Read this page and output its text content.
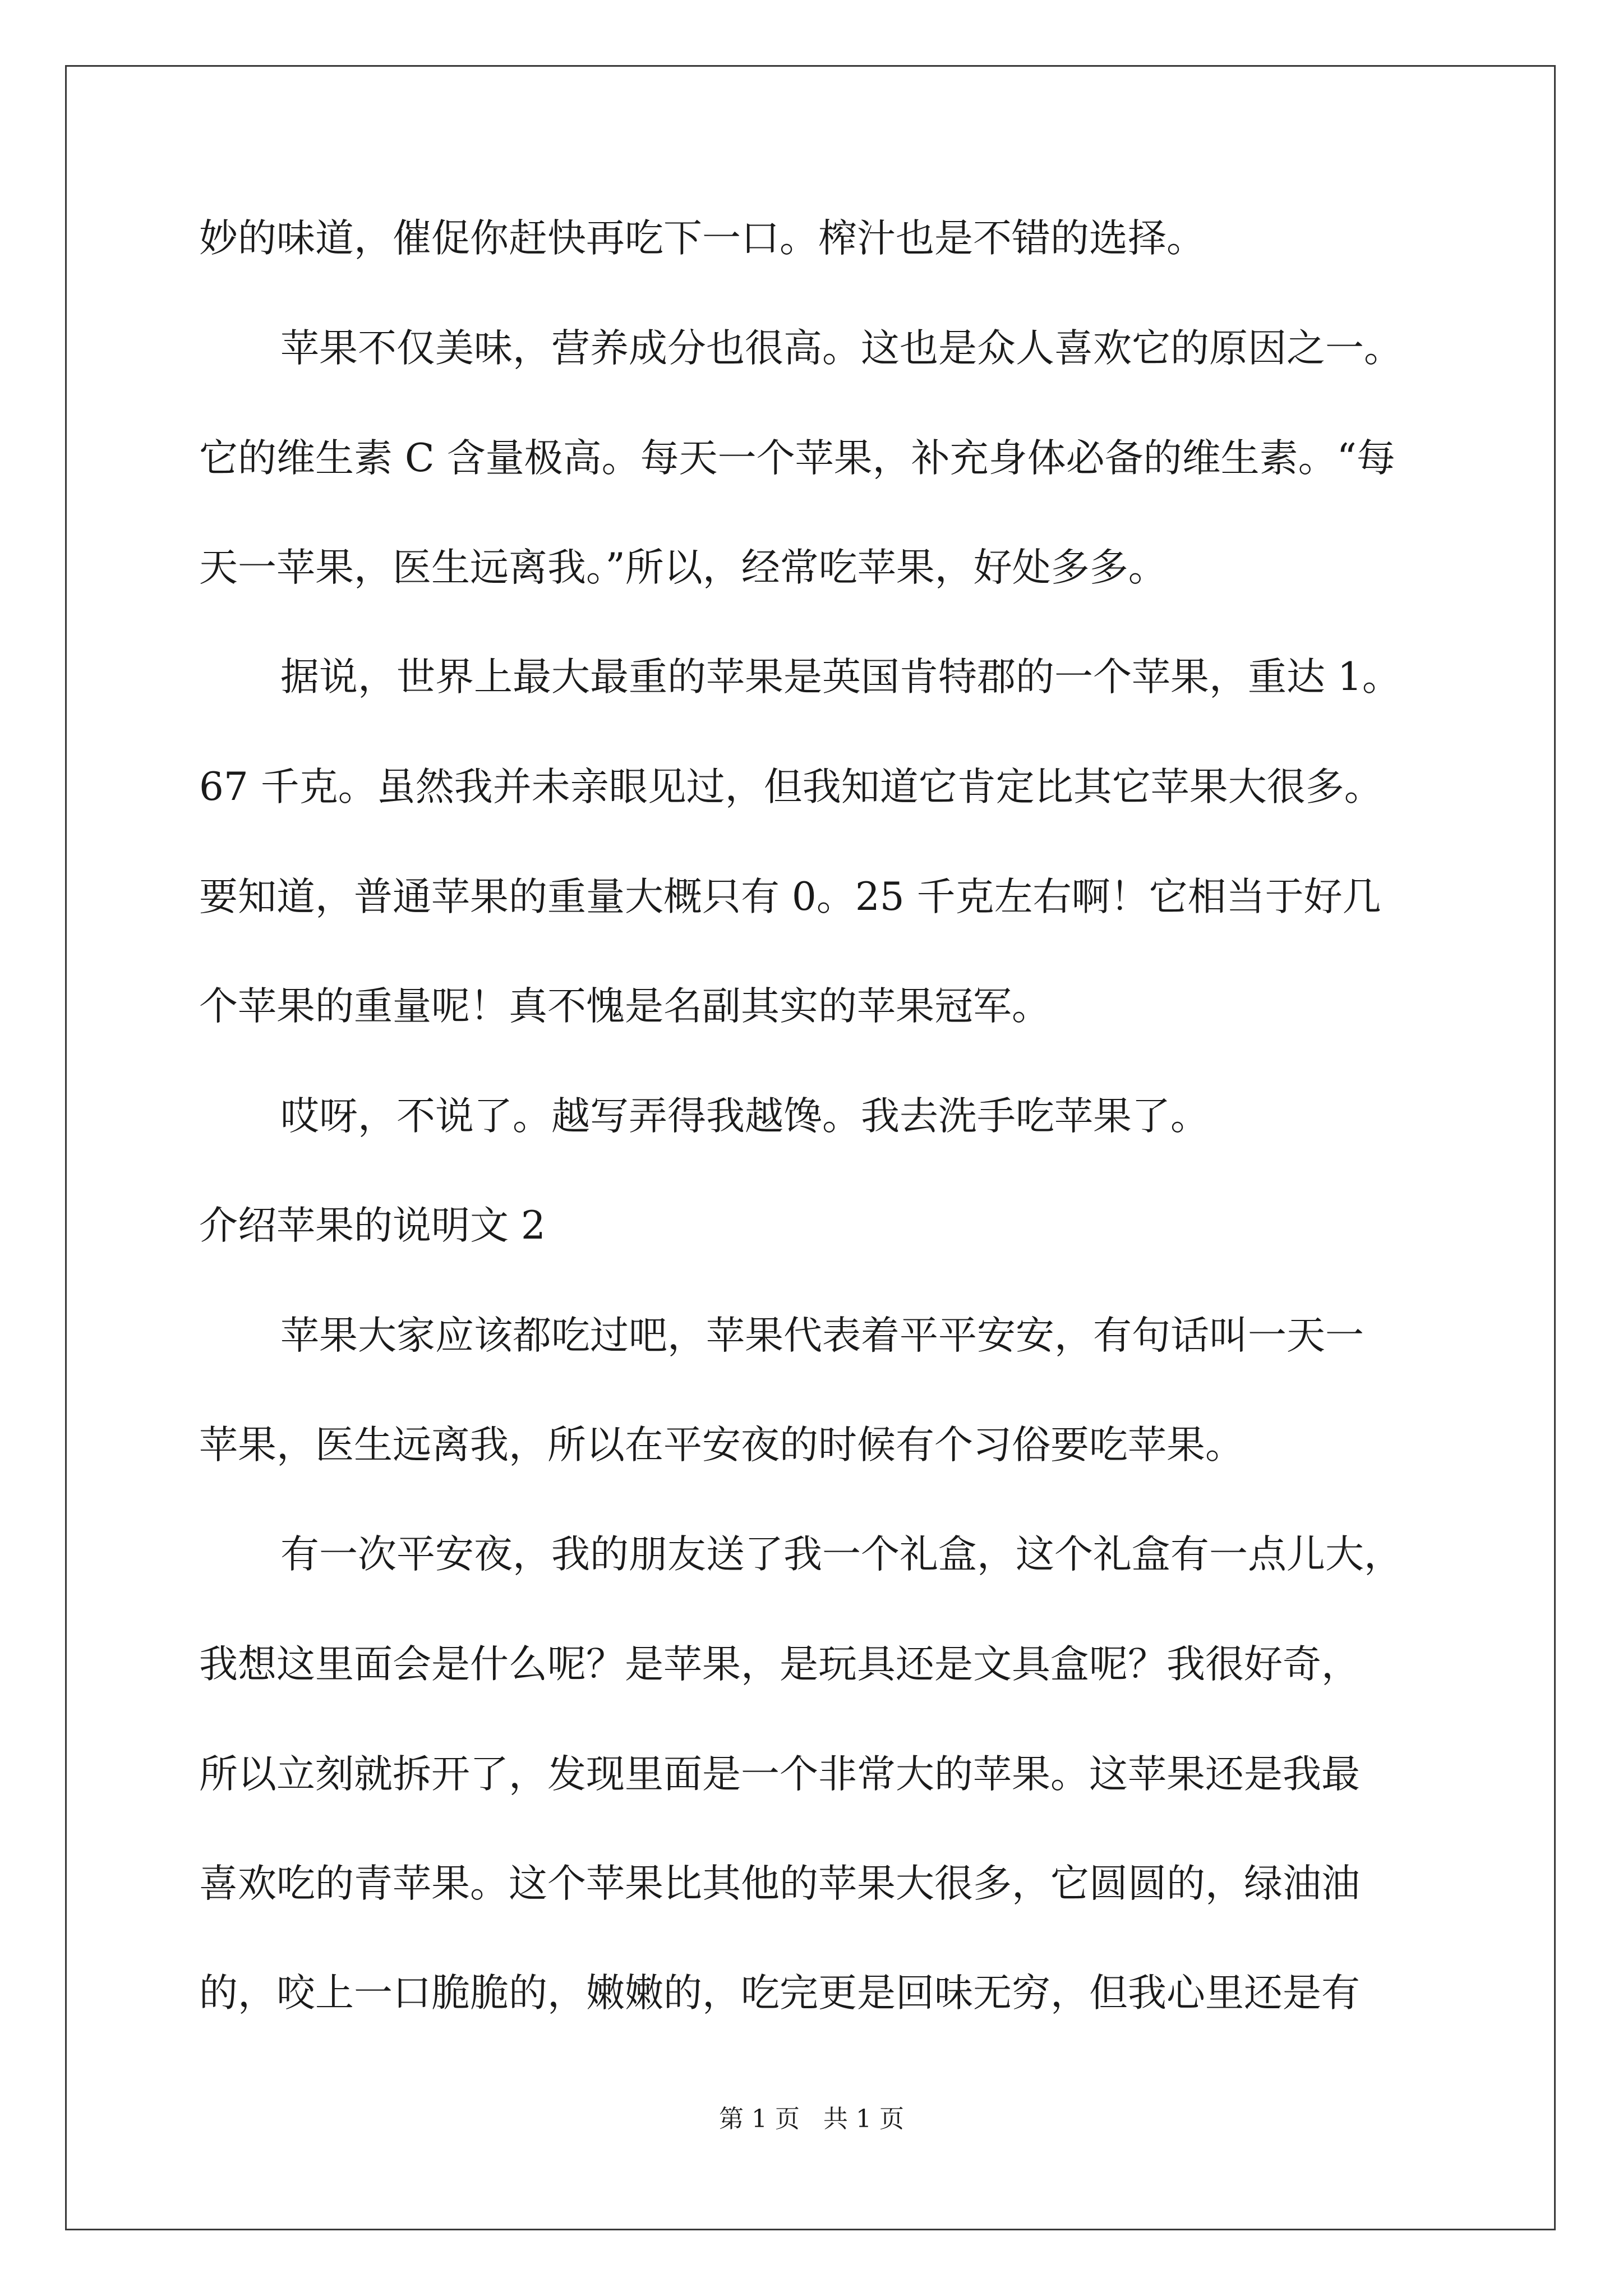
妙的味道，催促你赶快再吃下一口。榨汁也是不错的选择。
苹果不仅美味，营养成分也很高。这也是众人喜欢它的原因之一。
它的维生素 C 含量极高。每天一个苹果，补充身体必备的维生素。“每
天一苹果，医生远离我。”所以，经常吃苹果，好处多多。
据说，世界上最大最重的苹果是英国肯特郡的一个苹果，重达 1。
67 千克。虽然我并未亲眼见过，但我知道它肯定比其它苹果大很多。
要知道，普通苹果的重量大概只有 0。25 千克左右啊！它相当于好几
个苹果的重量呢！真不愧是名副其实的苹果冠军。
哎呀，不说了。越写弄得我越馋。我去洗手吃苹果了。
介绍苹果的说明文 2
苹果大家应该都吃过吧，苹果代表着平平安安，有句话叫一天一
苹果，医生远离我，所以在平安夜的时候有个习俗要吃苹果。
有一次平安夜，我的朋友送了我一个礼盒，这个礼盒有一点儿大，
我想这里面会是什么呢？是苹果，是玩具还是文具盒呢？我很好奇，
所以立刻就拆开了，发现里面是一个非常大的苹果。这苹果还是我最
喜欢吃的青苹果。这个苹果比其他的苹果大很多，它圆圆的，绿油油
的，咬上一口脆脆的，嫩嫩的，吃完更是回味无穷，但我心里还是有
第 1 页   共 1 页
